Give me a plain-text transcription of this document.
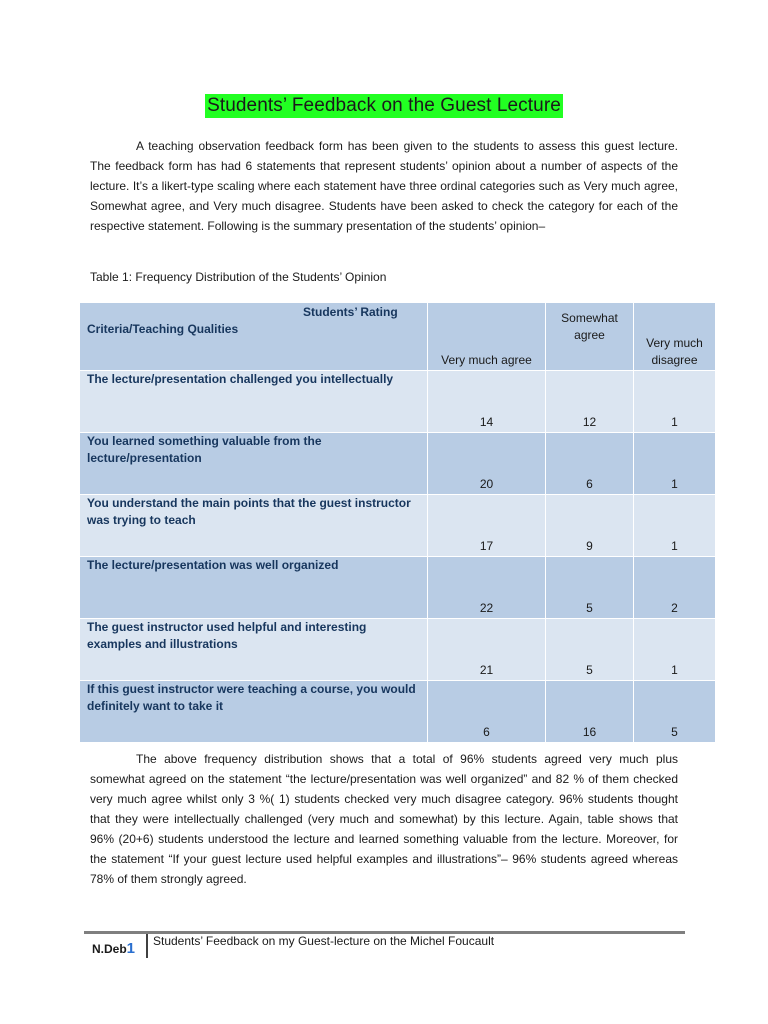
Students’ Feedback on the Guest Lecture

A teaching observation feedback form has been given to the students to assess this guest lecture. The feedback form has had 6 statements that represent students’ opinion about a number of aspects of the lecture. It’s a likert-type scaling where each statement have three ordinal categories such as Very much agree, Somewhat agree, and Very much disagree. Students have been asked to check the category for each of the respective statement. Following is the summary presentation of the students’ opinion–

Table 1: Frequency Distribution of the Students’ Opinion

Students’ Rating
Criteria/Teaching Qualities	Very much agree	Somewhat agree	Very much disagree
The lecture/presentation challenged you intellectually	14	12	1
You learned something valuable from the lecture/presentation	20	6	1
You understand the main points that the guest instructor was trying to teach	17	9	1
The lecture/presentation was well organized	22	5	2
The guest instructor used helpful and interesting examples and illustrations	21	5	1
If this guest instructor were teaching a course, you would definitely want to take it	6	16	5

The above frequency distribution shows that a total of 96% students agreed very much plus somewhat agreed on the statement “the lecture/presentation was well organized” and 82 % of them checked very much agree whilst only 3 %( 1) students checked very much disagree category. 96% students thought that they were intellectually challenged (very much and somewhat) by this lecture. Again, table shows that 96% (20+6) students understood the lecture and learned something valuable from the lecture. Moreover, for the statement “If your guest lecture used helpful examples and illustrations”– 96% students agreed whereas 78% of them strongly agreed.

N.Deb1 Students’ Feedback on my Guest-lecture on the Michel Foucault
